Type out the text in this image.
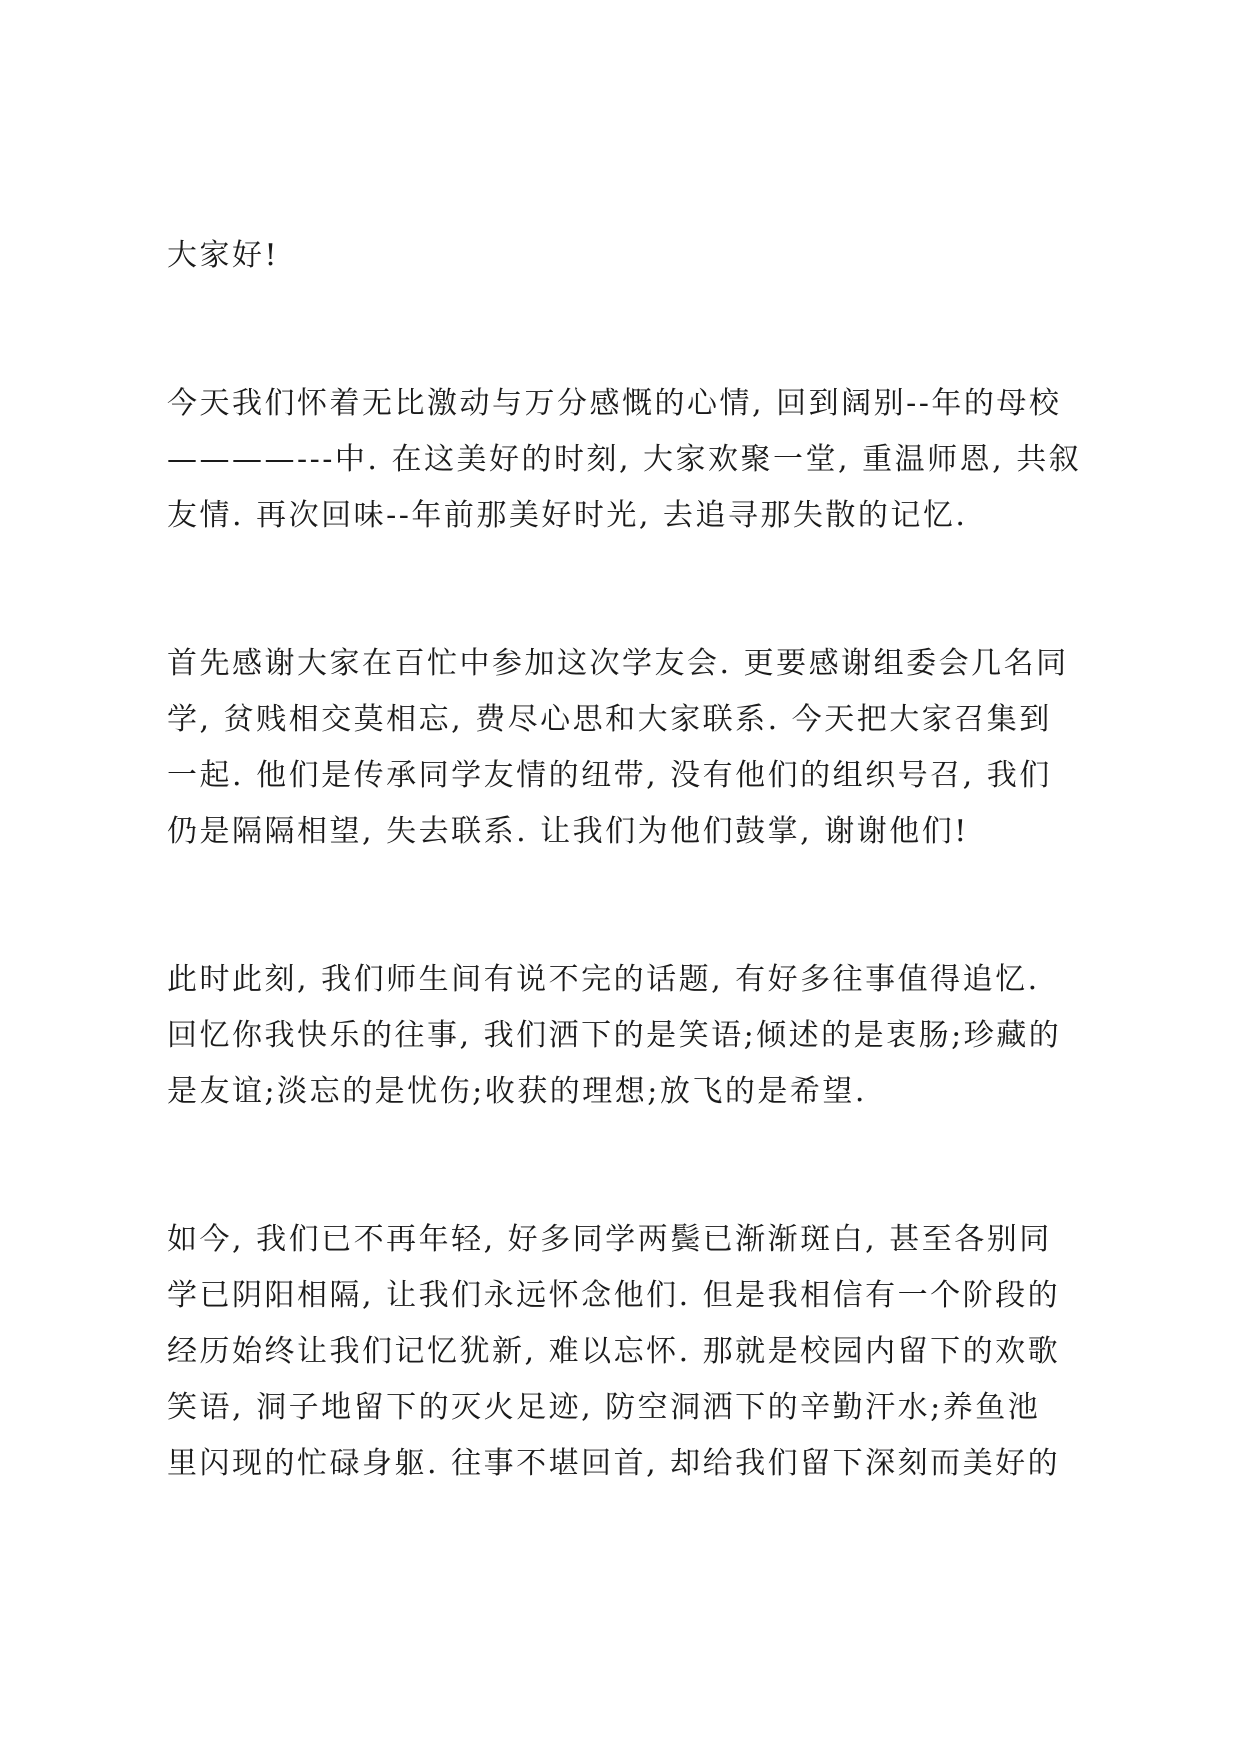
大家好!

今天我们怀着无比激动与万分感慨的心情, 回到阔别--年的母校
————---中. 在这美好的时刻, 大家欢聚一堂, 重温师恩, 共叙
友情. 再次回味--年前那美好时光, 去追寻那失散的记忆.

首先感谢大家在百忙中参加这次学友会. 更要感谢组委会几名同
学, 贫贱相交莫相忘, 费尽心思和大家联系. 今天把大家召集到
一起. 他们是传承同学友情的纽带, 没有他们的组织号召, 我们
仍是隔隔相望, 失去联系. 让我们为他们鼓掌, 谢谢他们!

此时此刻, 我们师生间有说不完的话题, 有好多往事值得追忆.
回忆你我快乐的往事, 我们洒下的是笑语;倾述的是衷肠;珍藏的
是友谊;淡忘的是忧伤;收获的理想;放飞的是希望.

如今, 我们已不再年轻, 好多同学两鬓已渐渐斑白, 甚至各别同
学已阴阳相隔, 让我们永远怀念他们. 但是我相信有一个阶段的
经历始终让我们记忆犹新, 难以忘怀. 那就是校园内留下的欢歌
笑语, 洞子地留下的灭火足迹, 防空洞洒下的辛勤汗水;养鱼池
里闪现的忙碌身躯. 往事不堪回首, 却给我们留下深刻而美好的
